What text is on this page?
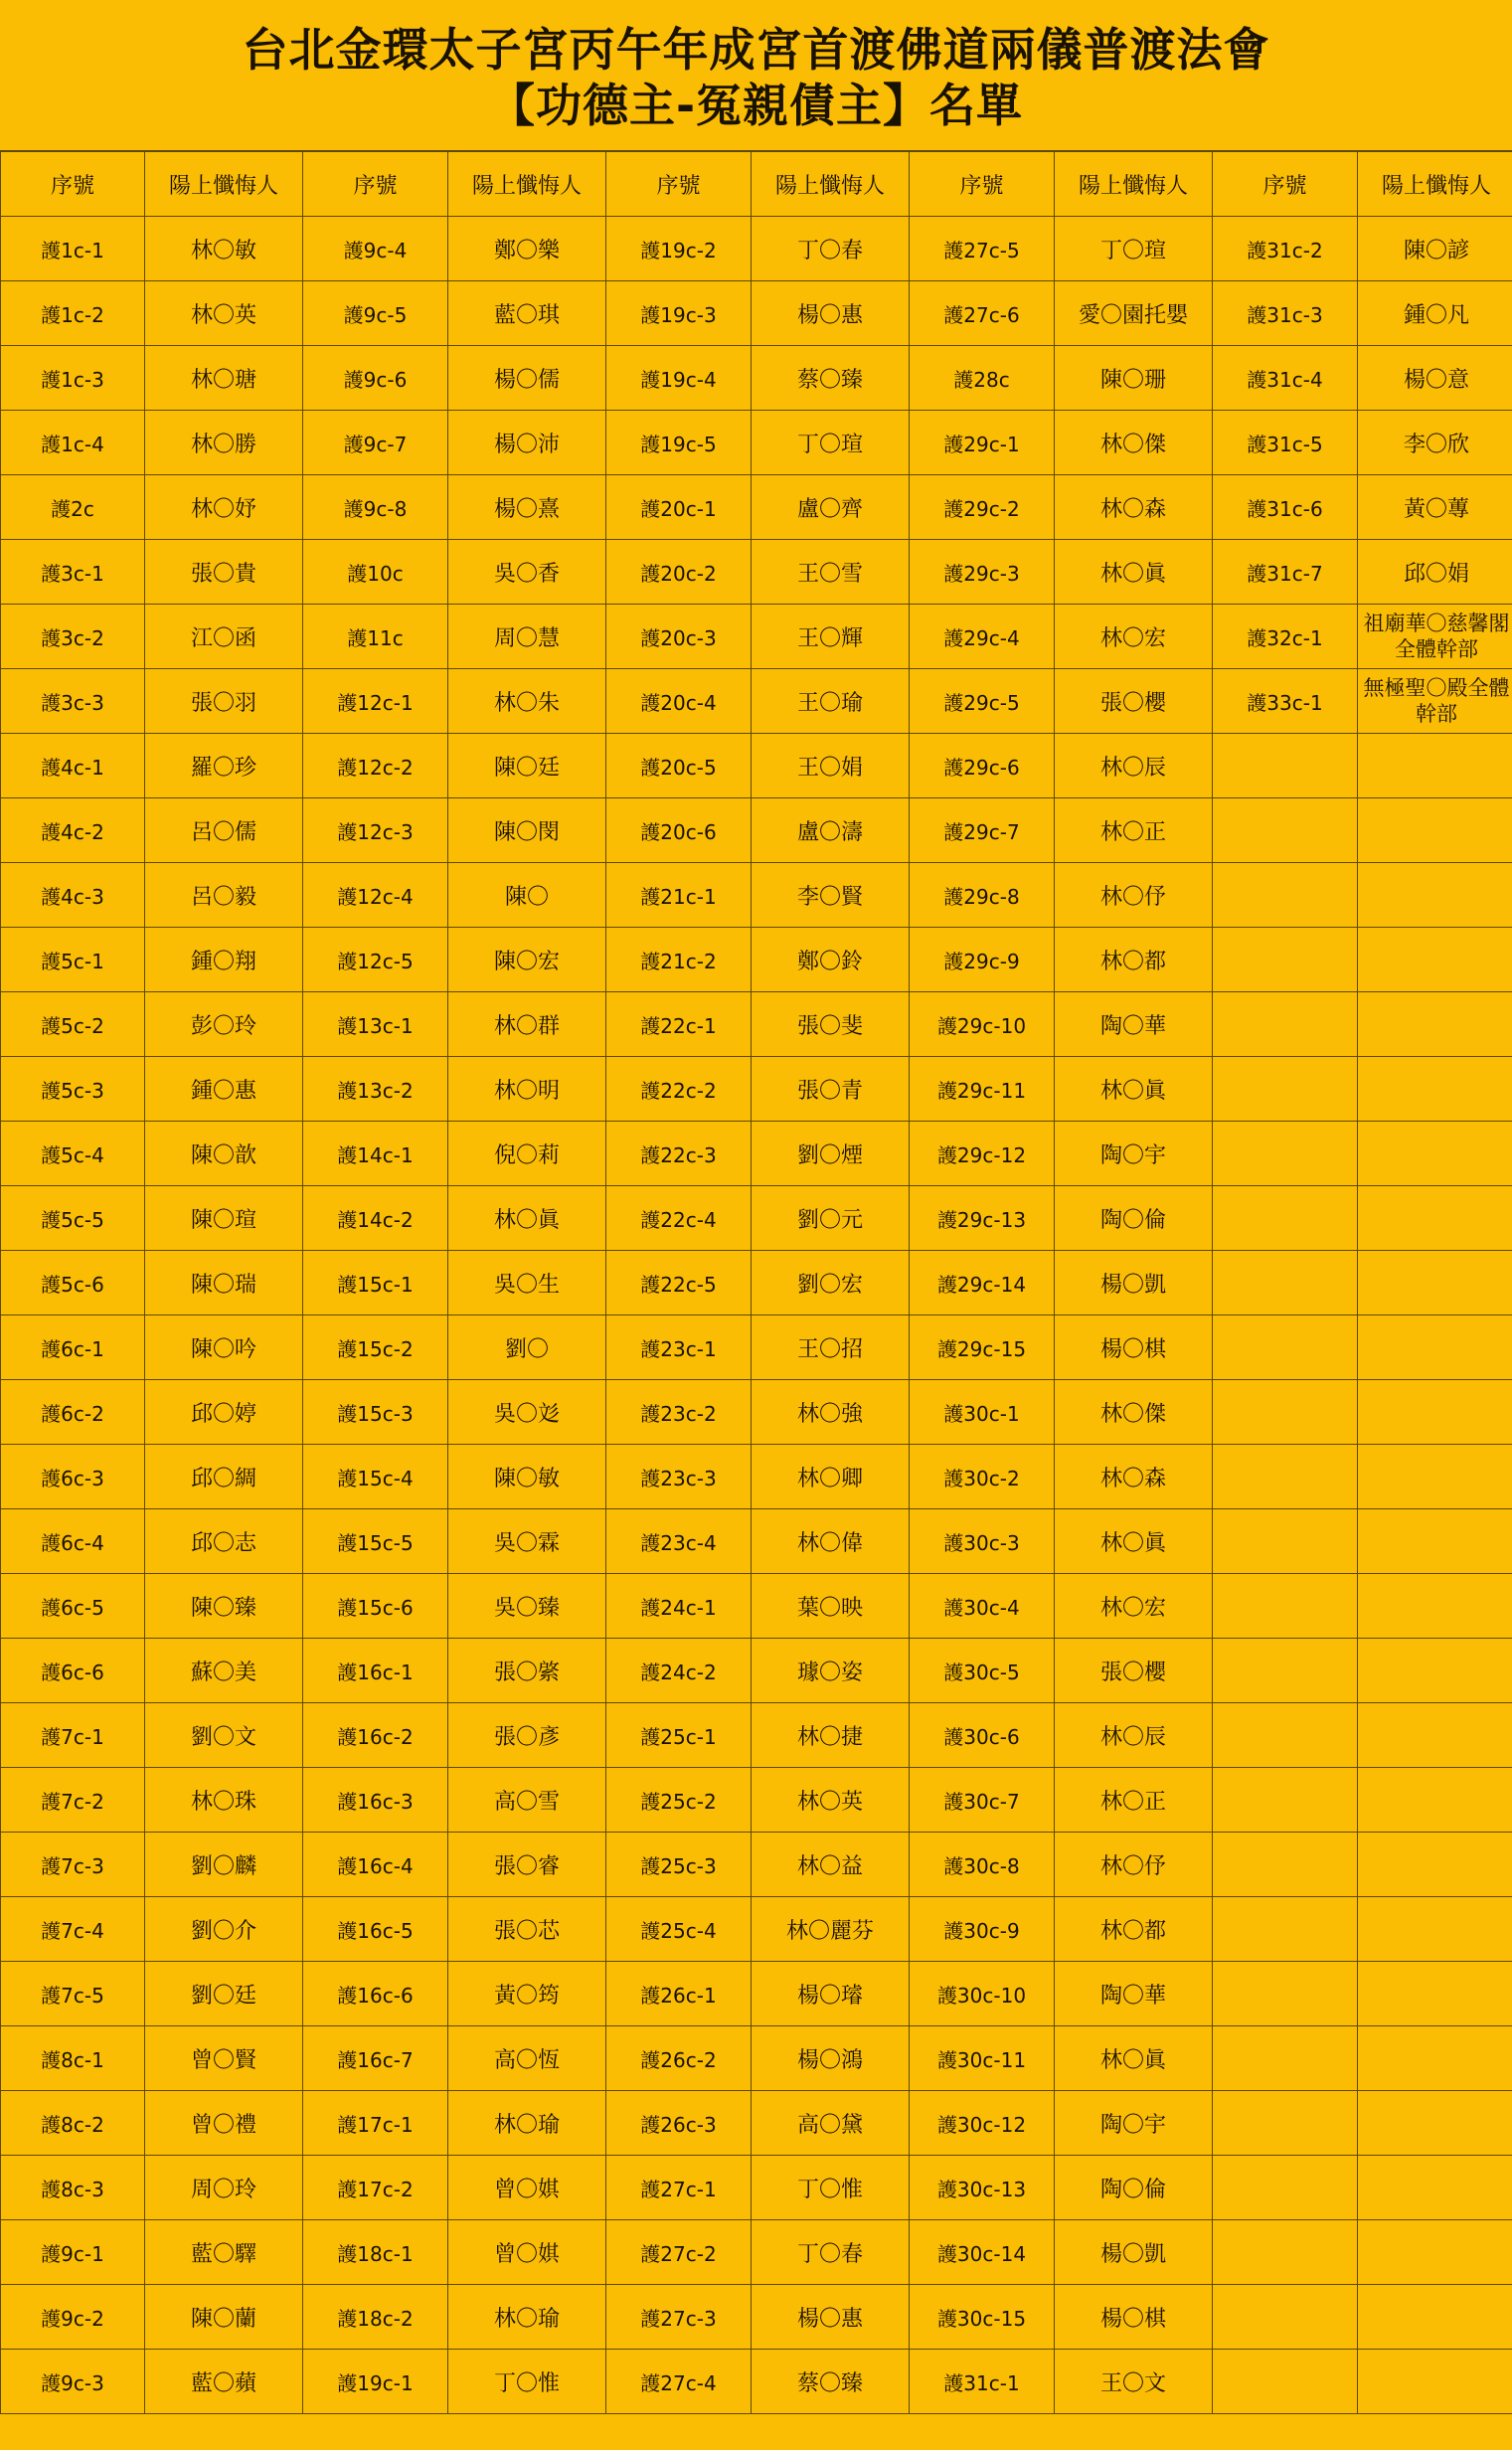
台北金環太子宮丙午年成宮首渡佛道兩儀普渡法會
【功德主-冤親債主】名單
序號	陽上懺悔人	序號	陽上懺悔人	序號	陽上懺悔人	序號	陽上懺悔人	序號	陽上懺悔人
護1c-1	林〇敏	護9c-4	鄭〇樂	護19c-2	丁〇春	護27c-5	丁〇瑄	護31c-2	陳〇諺
護1c-2	林〇英	護9c-5	藍〇琪	護19c-3	楊〇惠	護27c-6	愛〇園托嬰	護31c-3	鍾〇凡
護1c-3	林〇瑭	護9c-6	楊〇儒	護19c-4	蔡〇臻	護28c	陳〇珊	護31c-4	楊〇意
護1c-4	林〇勝	護9c-7	楊〇沛	護19c-5	丁〇瑄	護29c-1	林〇傑	護31c-5	李〇欣
護2c	林〇妤	護9c-8	楊〇熹	護20c-1	盧〇齊	護29c-2	林〇森	護31c-6	黃〇蓴
護3c-1	張〇貴	護10c	吳〇香	護20c-2	王〇雪	護29c-3	林〇眞	護31c-7	邱〇娟
護3c-2	江〇函	護11c	周〇慧	護20c-3	王〇輝	護29c-4	林〇宏	護32c-1	祖廟華〇慈馨閣全體幹部
護3c-3	張〇羽	護12c-1	林〇朱	護20c-4	王〇瑜	護29c-5	張〇櫻	護33c-1	無極聖〇殿全體幹部
護4c-1	羅〇珍	護12c-2	陳〇廷	護20c-5	王〇娟	護29c-6	林〇辰		
護4c-2	呂〇儒	護12c-3	陳〇閔	護20c-6	盧〇濤	護29c-7	林〇正		
護4c-3	呂〇毅	護12c-4	陳〇	護21c-1	李〇賢	護29c-8	林〇伃		
護5c-1	鍾〇翔	護12c-5	陳〇宏	護21c-2	鄭〇鈴	護29c-9	林〇都		
護5c-2	彭〇玲	護13c-1	林〇群	護22c-1	張〇斐	護29c-10	陶〇華		
護5c-3	鍾〇惠	護13c-2	林〇明	護22c-2	張〇青	護29c-11	林〇眞		
護5c-4	陳〇歆	護14c-1	倪〇莉	護22c-3	劉〇煙	護29c-12	陶〇宇		
護5c-5	陳〇瑄	護14c-2	林〇眞	護22c-4	劉〇元	護29c-13	陶〇倫		
護5c-6	陳〇瑞	護15c-1	吳〇生	護22c-5	劉〇宏	護29c-14	楊〇凱		
護6c-1	陳〇吟	護15c-2	劉〇	護23c-1	王〇招	護29c-15	楊〇棋		
護6c-2	邱〇婷	護15c-3	吳〇彣	護23c-2	林〇強	護30c-1	林〇傑		
護6c-3	邱〇綢	護15c-4	陳〇敏	護23c-3	林〇卿	護30c-2	林〇森		
護6c-4	邱〇志	護15c-5	吳〇霖	護23c-4	林〇偉	護30c-3	林〇眞		
護6c-5	陳〇臻	護15c-6	吳〇臻	護24c-1	葉〇映	護30c-4	林〇宏		
護6c-6	蘇〇美	護16c-1	張〇綮	護24c-2	璩〇姿	護30c-5	張〇櫻		
護7c-1	劉〇文	護16c-2	張〇彥	護25c-1	林〇捷	護30c-6	林〇辰		
護7c-2	林〇珠	護16c-3	高〇雪	護25c-2	林〇英	護30c-7	林〇正		
護7c-3	劉〇麟	護16c-4	張〇睿	護25c-3	林〇益	護30c-8	林〇伃		
護7c-4	劉〇介	護16c-5	張〇芯	護25c-4	林〇麗芬	護30c-9	林〇都		
護7c-5	劉〇廷	護16c-6	黃〇筠	護26c-1	楊〇璿	護30c-10	陶〇華		
護8c-1	曾〇賢	護16c-7	高〇恆	護26c-2	楊〇鴻	護30c-11	林〇眞		
護8c-2	曾〇禮	護17c-1	林〇瑜	護26c-3	高〇黛	護30c-12	陶〇宇		
護8c-3	周〇玲	護17c-2	曾〇娸	護27c-1	丁〇惟	護30c-13	陶〇倫		
護9c-1	藍〇驛	護18c-1	曾〇娸	護27c-2	丁〇春	護30c-14	楊〇凱		
護9c-2	陳〇蘭	護18c-2	林〇瑜	護27c-3	楊〇惠	護30c-15	楊〇棋		
護9c-3	藍〇蘋	護19c-1	丁〇惟	護27c-4	蔡〇臻	護31c-1	王〇文		
